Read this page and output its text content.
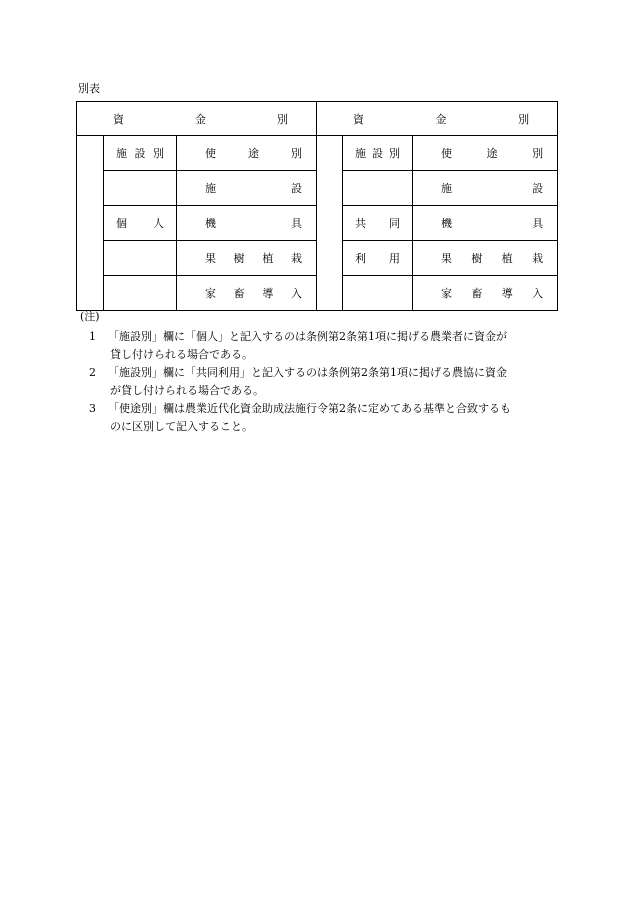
別表
資 金 別			資 金 別		

	施 設 別	使 途 別		施 設 別	使 途 別

		施 設			施 設

	個 人	機 具		共 同	機 具

		果 樹 植 栽		利 用	果 樹 植 栽

		家 畜 導 入			家 畜 導 入
(注)
1	「施設別」欄に「個人」と記入するのは条例第2条第1項に掲げる農業者に資金が
貸し付けられる場合である。
2	「施設別」欄に「共同利用」と記入するのは条例第2条第1項に掲げる農協に資金
が貸し付けられる場合である。
3	「使途別」欄は農業近代化資金助成法施行令第2条に定めてある基準と合致するも
のに区別して記入すること。
